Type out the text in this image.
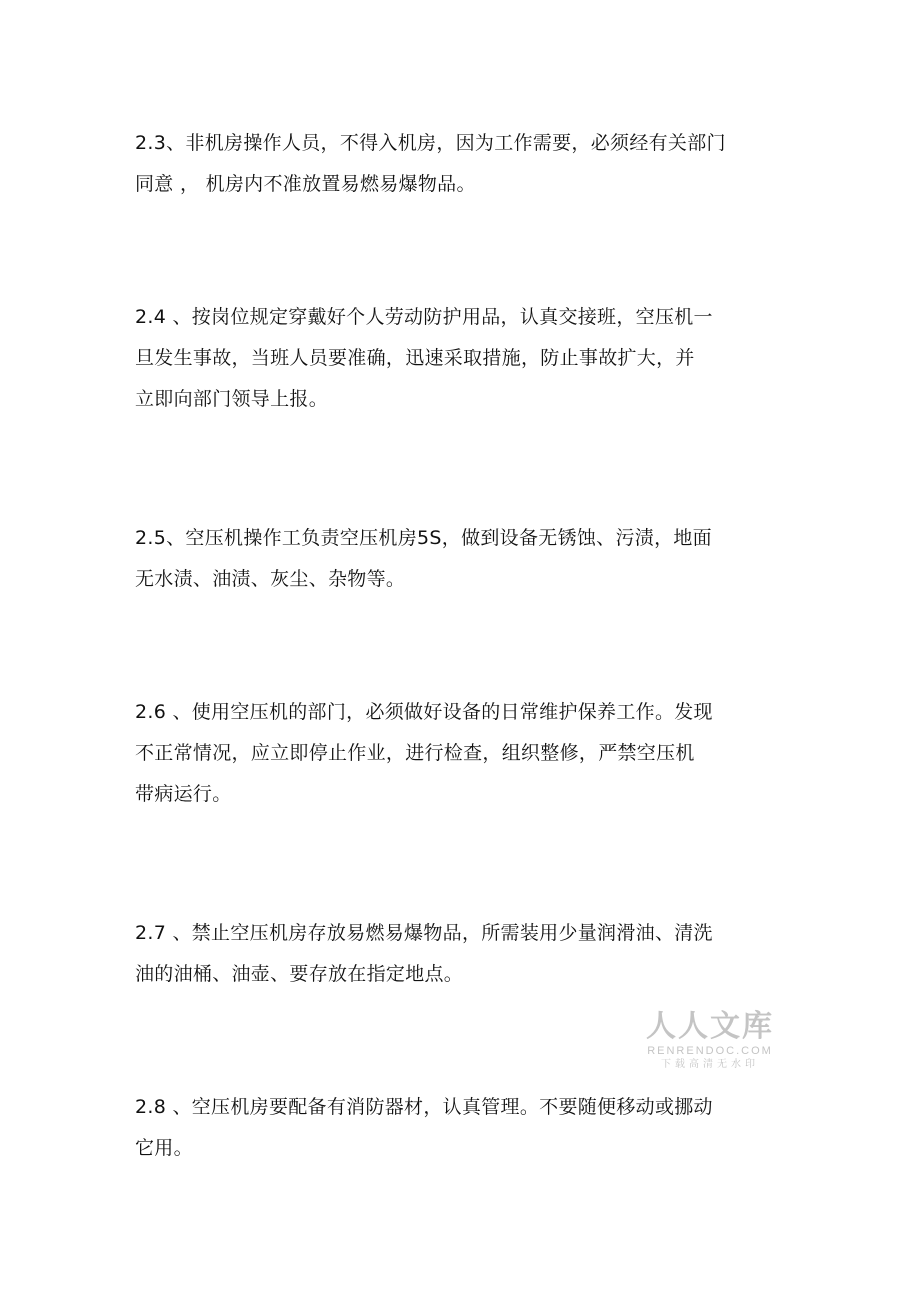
2.3、非机房操作人员，不得入机房，因为工作需要，必须经有关部门
同意 ， 机房内不准放置易燃易爆物品。
2.4 、按岗位规定穿戴好个人劳动防护用品，认真交接班，空压机一
旦发生事故，当班人员要准确，迅速采取措施，防止事故扩大，并
立即向部门领导上报。
2.5、空压机操作工负责空压机房5S，做到设备无锈蚀、污渍，地面
无水渍、油渍、灰尘、杂物等。
2.6 、使用空压机的部门，必须做好设备的日常维护保养工作。发现
不正常情况，应立即停止作业，进行检查，组织整修，严禁空压机
带病运行。
2.7 、禁止空压机房存放易燃易爆物品，所需装用少量润滑油、清洗
油的油桶、油壶、要存放在指定地点。
2.8 、空压机房要配备有消防器材，认真管理。不要随便移动或挪动
它用。
人人文库
RENRENDOC.COM
下载高清无水印
